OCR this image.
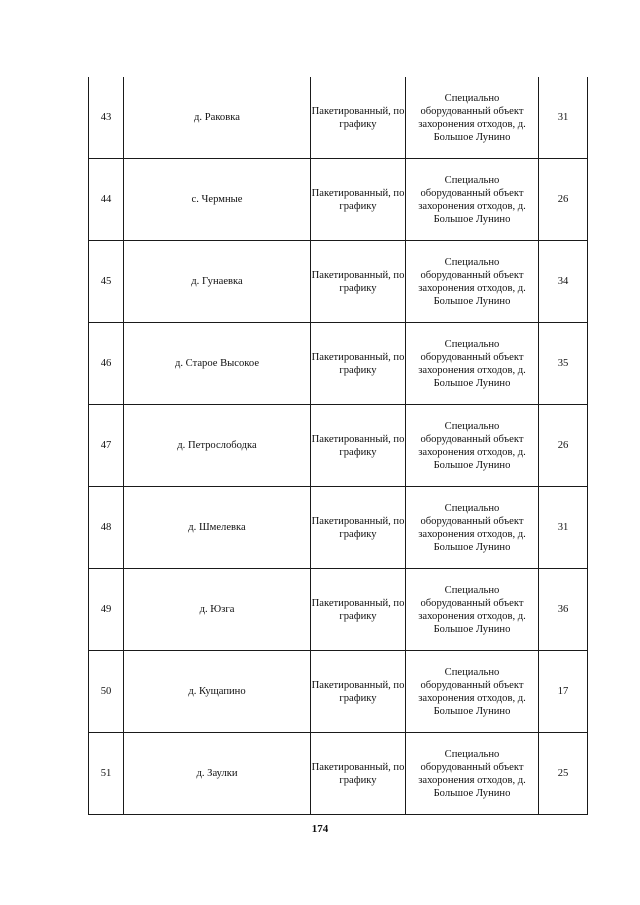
43	д. Раковка	Пакетированный, по графику	Специально
оборудованный объект
захоронения отходов, д.
Большое Лунино	31
44	с. Чермные	Пакетированный, по графику	Специально
оборудованный объект
захоронения отходов, д.
Большое Лунино	26
45	д. Гунаевка	Пакетированный, по графику	Специально
оборудованный объект
захоронения отходов, д.
Большое Лунино	34
46	д. Старое Высокое	Пакетированный, по графику	Специально
оборудованный объект
захоронения отходов, д.
Большое Лунино	35
47	д. Петрослободка	Пакетированный, по графику	Специально
оборудованный объект
захоронения отходов, д.
Большое Лунино	26
48	д. Шмелевка	Пакетированный, по графику	Специально
оборудованный объект
захоронения отходов, д.
Большое Лунино	31
49	д. Юзга	Пакетированный, по графику	Специально
оборудованный объект
захоронения отходов, д.
Большое Лунино	36
50	д. Кущапино	Пакетированный, по графику	Специально
оборудованный объект
захоронения отходов, д.
Большое Лунино	17
51	д. Заулки	Пакетированный, по графику	Специально
оборудованный объект
захоронения отходов, д.
Большое Лунино	25
174
